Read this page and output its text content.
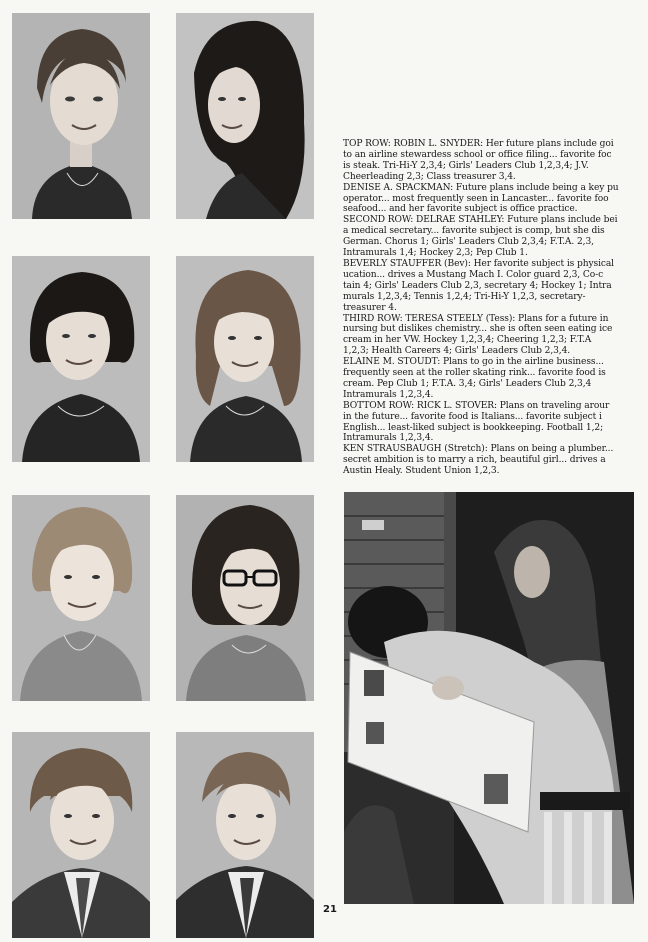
TOP ROW: ROBIN L. SNYDER: Her future plans include goi

to an airline stewardess school or office filing... favorite foc

is steak. Tri-Hi-Y 2,3,4; Girls' Leaders Club 1,2,3,4; J.V.

Cheerleading 2,3; Class treasurer 3,4.

DENISE A. SPACKMAN: Future plans include being a key pu

operator... most frequently seen in Lancaster... favorite foo

seafood... and her favorite subject is office practice.

SECOND ROW: DELRAE STAHLEY: Future plans include bei

a medical secretary... favorite subject is comp, but she dis

German. Chorus 1; Girls' Leaders Club 2,3,4; F.T.A. 2,3,

Intramurals 1,4; Hockey 2,3; Pep Club 1.

BEVERLY STAUFFER (Bev): Her favorite subject is physical

ucation... drives a Mustang Mach I. Color guard 2,3, Co-c

tain 4; Girls' Leaders Club 2,3, secretary 4; Hockey 1; Intra

murals 1,2,3,4; Tennis 1,2,4; Tri-Hi-Y 1,2,3, secretary-

treasurer 4.

THIRD ROW: TERESA STEELY (Tess): Plans for a future in

nursing but dislikes chemistry... she is often seen eating ice

cream in her VW. Hockey 1,2,3,4; Cheering 1,2,3; F.T.A

1,2,3; Health Careers 4; Girls' Leaders Club 2,3,4.

ELAINE M. STOUDT: Plans to go in the airline business...

frequently seen at the roller skating rink... favorite food is

cream. Pep Club 1; F.T.A. 3,4; Girls' Leaders Club 2,3,4

Intramurals 1,2,3,4.

BOTTOM ROW: RICK L. STOVER: Plans on traveling arour

in the future... favorite food is Italians... favorite subject i

English... least-liked subject is bookkeeping. Football 1,2;

Intramurals 1,2,3,4.

KEN STRAUSBAUGH (Stretch): Plans on being a plumber...

secret ambition is to marry a rich, beautiful girl... drives a

Austin Healy. Student Union 1,2,3.

21
